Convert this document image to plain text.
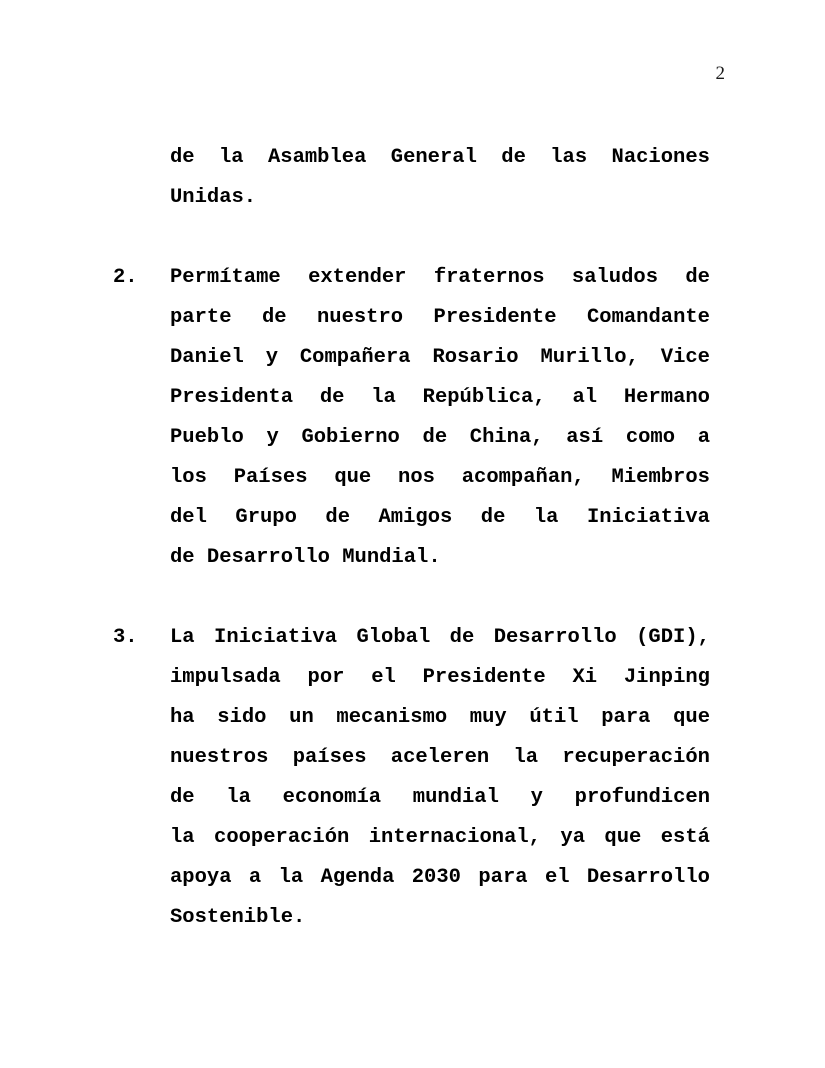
2
de la Asamblea General de las Naciones
Unidas.
2.	Permítame extender fraternos saludos de
parte de nuestro Presidente Comandante
Daniel y Compañera Rosario Murillo, Vice
Presidenta de la República, al Hermano
Pueblo y Gobierno de China, así como a
los Países que nos acompañan, Miembros
del Grupo de Amigos de la Iniciativa
de Desarrollo Mundial.
3.	La Iniciativa Global de Desarrollo (GDI),
impulsada por el Presidente Xi Jinping
ha sido un mecanismo muy útil para que
nuestros países aceleren la recuperación
de la economía mundial y profundicen
la cooperación internacional, ya que está
apoya a la Agenda 2030 para el Desarrollo
Sostenible.
